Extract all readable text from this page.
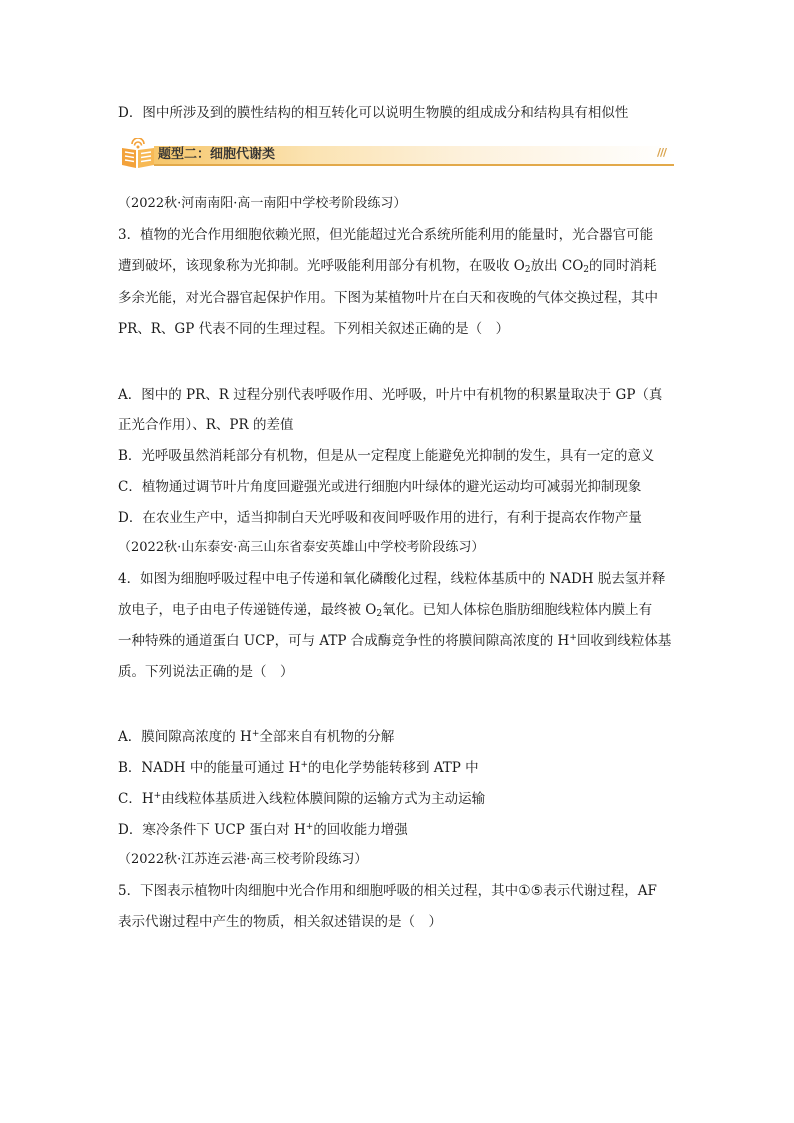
D．图中所涉及到的膜性结构的相互转化可以说明生物膜的组成成分和结构具有相似性
题型二：细胞代谢类	///
（2022秋·河南南阳·高一南阳中学校考阶段练习）
3．植物的光合作用细胞依赖光照，但光能超过光合系统所能利用的能量时，光合器官可能
遭到破坏，该现象称为光抑制。光呼吸能利用部分有机物，在吸收 $O_2$放出 $CO_2$的同时消耗
多余光能，对光合器官起保护作用。下图为某植物叶片在白天和夜晚的气体交换过程，其中
PR、R、GP 代表不同的生理过程。下列相关叙述正确的是（　）
A．图中的 PR、R 过程分别代表呼吸作用、光呼吸，叶片中有机物的积累量取决于 GP（真
正光合作用）、R、PR 的差值
B．光呼吸虽然消耗部分有机物，但是从一定程度上能避免光抑制的发生，具有一定的意义
C．植物通过调节叶片角度回避强光或进行细胞内叶绿体的避光运动均可减弱光抑制现象
D．在农业生产中，适当抑制白天光呼吸和夜间呼吸作用的进行，有利于提高农作物产量
（2022秋·山东泰安·高三山东省泰安英雄山中学校考阶段练习）
4．如图为细胞呼吸过程中电子传递和氧化磷酸化过程，线粒体基质中的 NADH 脱去氢并释
放电子，电子由电子传递链传递，最终被 $O_2$氧化。已知人体棕色脂肪细胞线粒体内膜上有
一种特殊的通道蛋白 UCP，可与 ATP 合成酶竞争性的将膜间隙高浓度的 H+回收到线粒体基
质。下列说法正确的是（　）
A．膜间隙高浓度的 H+全部来自有机物的分解
B．NADH 中的能量可通过 H+的电化学势能转移到 ATP 中
C．H+由线粒体基质进入线粒体膜间隙的运输方式为主动运输
D．寒冷条件下 UCP 蛋白对 H+的回收能力增强
（2022秋·江苏连云港·高三校考阶段练习）
5．下图表示植物叶肉细胞中光合作用和细胞呼吸的相关过程，其中①⑤表示代谢过程，AF
表示代谢过程中产生的物质，相关叙述错误的是（　）
